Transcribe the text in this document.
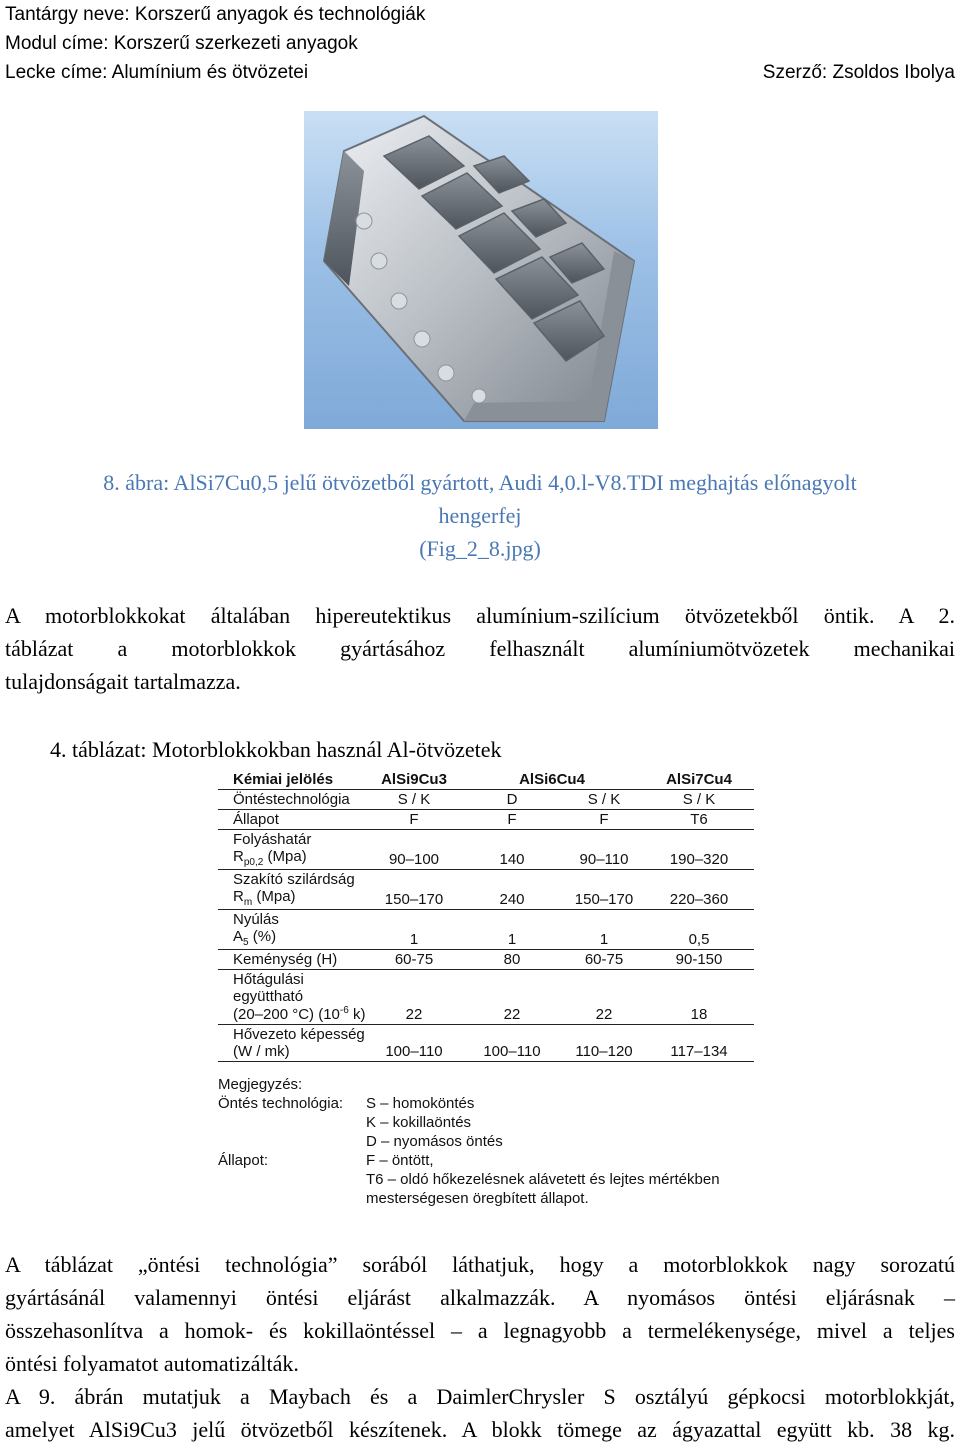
Tantárgy neve: Korszerű anyagok és technológiák
Modul címe: Korszerű szerkezeti anyagok
Lecke címe: Alumínium és ötvözetei	Szerző: Zsoldos Ibolya
8. ábra: AlSi7Cu0,5 jelű ötvözetből gyártott, Audi 4,0.l-V8.TDI meghajtás előnagyolt
hengerfej
(Fig_2_8.jpg)
A motorblokkokat általában hipereutektikus alumínium-szilícium ötvözetekből öntik. A 2.
táblázat a motorblokkok gyártásához felhasznált alumíniumötvözetek mechanikai
tulajdonságait tartalmazza.
4. táblázat: Motorblokkokban használ Al-ötvözetek
Kémiai jelölés	AlSi9Cu3	AlSi6Cu4	AlSi7Cu4
Öntéstechnológia	S / K	D	S / K	S / K
Állapot	F	F	F	T6
Folyáshatár
$R_{p0,2}$ (Mpa)	90–100	140	90–110	190–320
Szakító szilárdság
$R_m$ (Mpa)	150–170	240	150–170	220–360
Nyúlás
$A_5$ (%)	1	1	1	0,5
Keménység (H)	60-75	80	60-75	90-150
Hőtágulási együttható
(20–200 °C) ($10^{-6}$ k)	22	22	22	18
Hővezeto képesség
(W / mk)	100–110	100–110	110–120	117–134
Megjegyzés:
Öntés technológia:	S – homoköntés
K – kokillaöntés
D – nyomásos öntés
Állapot:	F – öntött,
T6 – oldó hőkezelésnek alávetett és lejtes mértékben
mesterségesen öregbített állapot.
A táblázat „öntési technológia” sorából láthatjuk, hogy a motorblokkok nagy sorozatú
gyártásánál valamennyi öntési eljárást alkalmazzák. A nyomásos öntési eljárásnak –
összehasonlítva a homok- és kokillaöntéssel – a legnagyobb a termelékenysége, mivel a teljes
öntési folyamatot automatizálták.
A 9. ábrán mutatjuk a Maybach és a DaimlerChrysler S osztályú gépkocsi motorblokkját,
amelyet AlSi9Cu3 jelű ötvözetből készítenek. A blokk tömege az ágyazattal együtt kb. 38 kg.
